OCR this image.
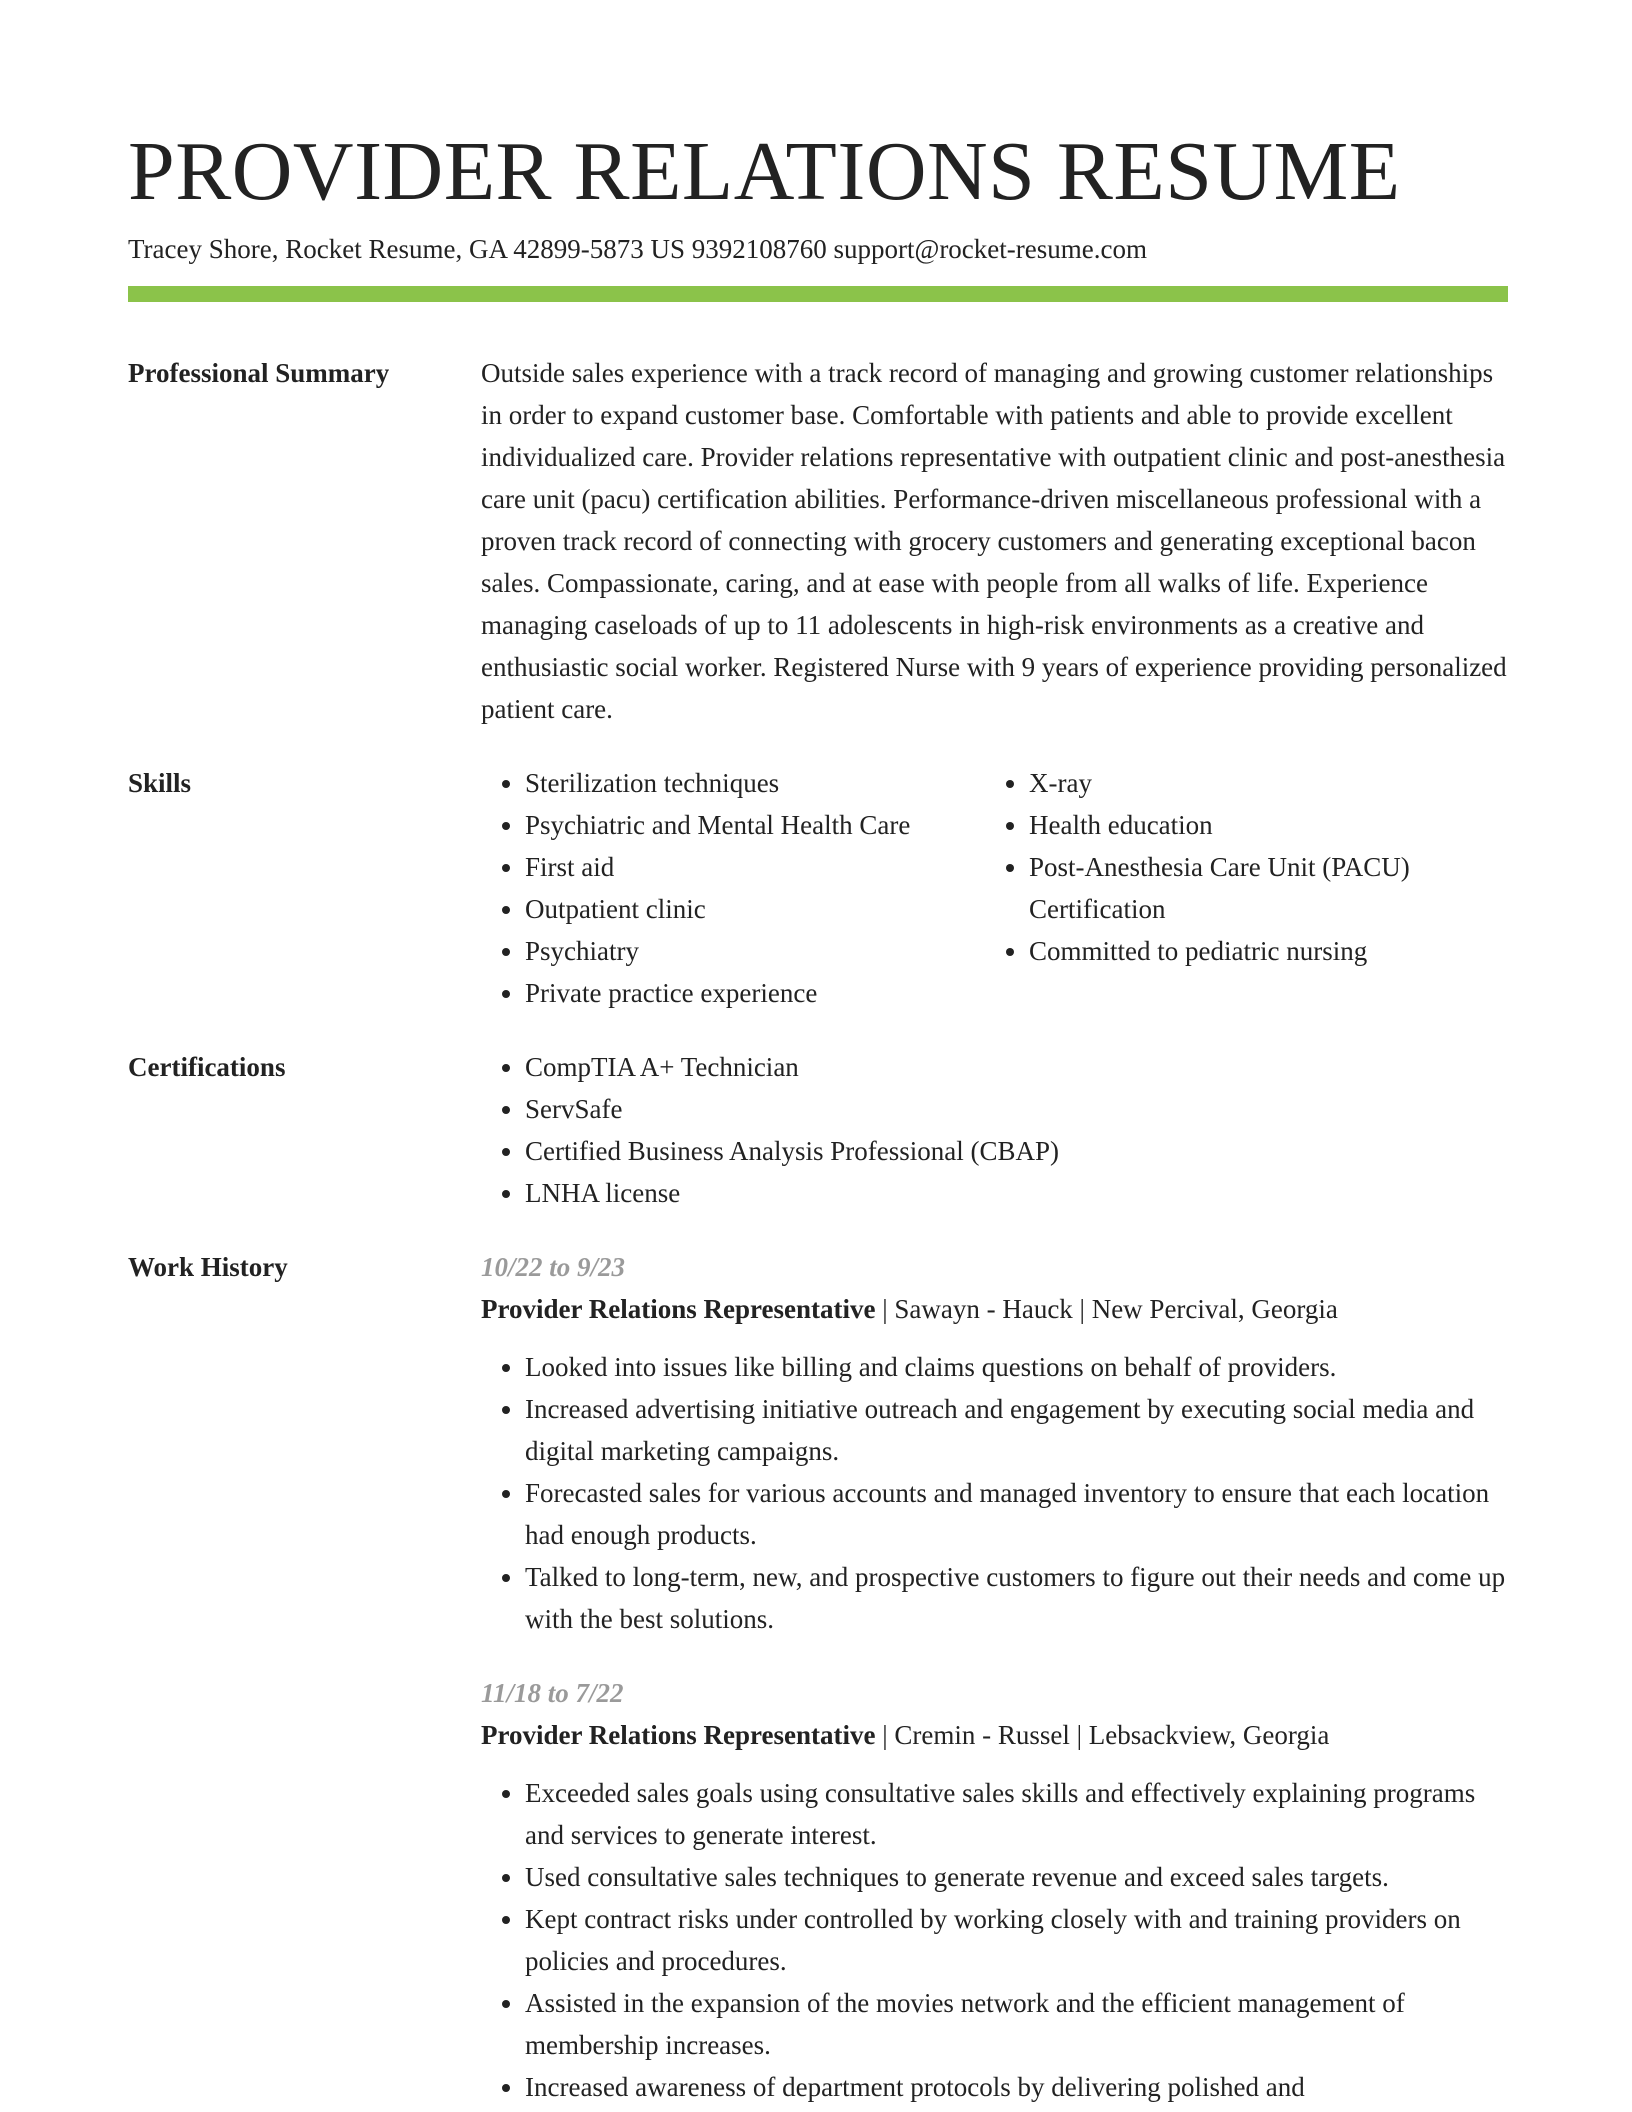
PROVIDER RELATIONS RESUME
Tracey Shore, Rocket Resume, GA 42899-5873 US 9392108760 support@rocket-resume.com
Professional Summary	Outside sales experience with a track record of managing and growing customer relationships in order to expand customer base. Comfortable with patients and able to provide excellent individualized care. Provider relations representative with outpatient clinic and post-anesthesia care unit (pacu) certification abilities. Performance-driven miscellaneous professional with a proven track record of connecting with grocery customers and generating exceptional bacon sales. Compassionate, caring, and at ease with people from all walks of life. Experience managing caseloads of up to 11 adolescents in high-risk environments as a creative and enthusiastic social worker. Registered Nurse with 9 years of experience providing personalized patient care.

Skills	• Sterilization techniques
• Psychiatric and Mental Health Care
• First aid
• Outpatient clinic
• Psychiatry
• Private practice experience
• X-ray
• Health education
• Post-Anesthesia Care Unit (PACU) Certification
• Committed to pediatric nursing
Certifications	• CompTIA A+ Technician
• ServSafe
• Certified Business Analysis Professional (CBAP)
• LNHA license
Work History	10/22 to 9/23
Provider Relations Representative | Sawayn - Hauck | New Percival, Georgia
• Looked into issues like billing and claims questions on behalf of providers.
• Increased advertising initiative outreach and engagement by executing social media and digital marketing campaigns.
• Forecasted sales for various accounts and managed inventory to ensure that each location had enough products.
• Talked to long-term, new, and prospective customers to figure out their needs and come up with the best solutions.
11/18 to 7/22
Provider Relations Representative | Cremin - Russel | Lebsackview, Georgia
• Exceeded sales goals using consultative sales skills and effectively explaining programs and services to generate interest.
• Used consultative sales techniques to generate revenue and exceed sales targets.
• Kept contract risks under controlled by working closely with and training providers on policies and procedures.
• Assisted in the expansion of the movies network and the efficient management of membership increases.
• Increased awareness of department protocols by delivering polished and
